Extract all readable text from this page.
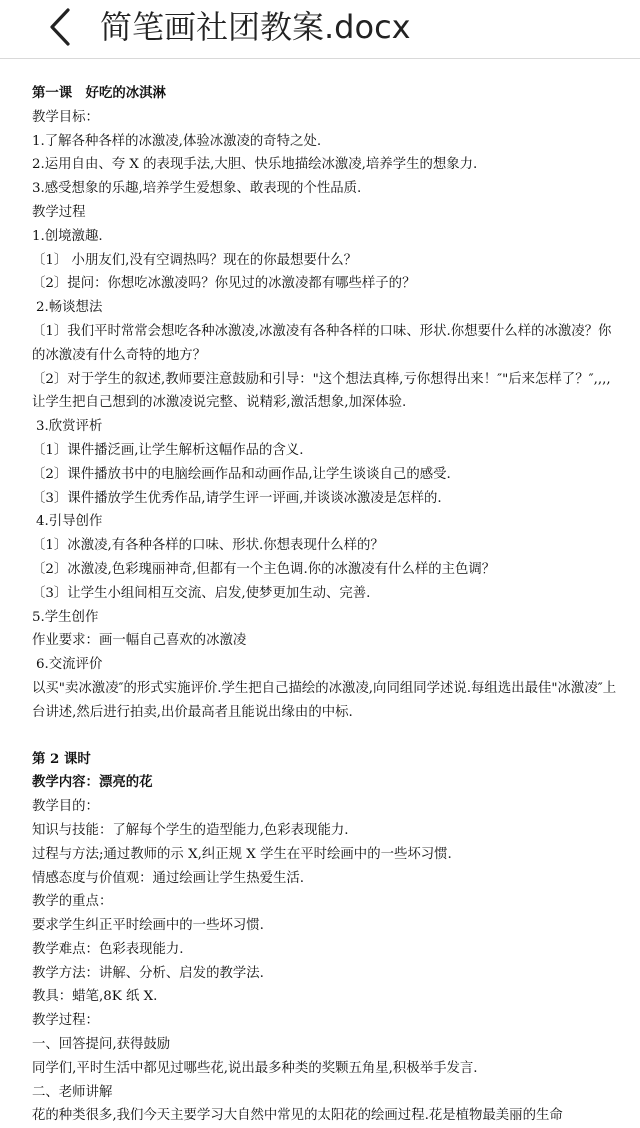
简笔画社团教案.docx
第一课　好吃的冰淇淋
教学目标：
1.了解各种各样的冰激凌,体验冰激凌的奇特之处.
2.运用自由、夸 X 的表现手法,大胆、快乐地描绘冰激凌,培养学生的想象力.
3.感受想象的乐趣,培养学生爱想象、敢表现的个性品质.
教学过程
1.创境激趣.
〔1〕 小朋友们,没有空调热吗？现在的你最想要什么？
〔2〕提问：你想吃冰激凌吗？你见过的冰激凌都有哪些样子的？
2.畅谈想法
〔1〕我们平时常常会想吃各种冰激凌,冰激凌有各种各样的口味、形状.你想要什么样的冰激凌？你的冰激凌有什么奇特的地方？
〔2〕对于学生的叙述,教师要注意鼓励和引导："这个想法真棒,亏你想得出来！″"后来怎样了？″,,,,让学生把自己想到的冰激凌说完整、说精彩,激活想象,加深体验.
3.欣赏评析
〔1〕课件播泛画,让学生解析这幅作品的含义.
〔2〕课件播放书中的电脑绘画作品和动画作品,让学生谈谈自己的感受.
〔3〕课件播放学生优秀作品,请学生评一评画,并谈谈冰激凌是怎样的.
4.引导创作
〔1〕冰激凌,有各种各样的口味、形状.你想表现什么样的？
〔2〕冰激凌,色彩瑰丽神奇,但都有一个主色调.你的冰激凌有什么样的主色调？
〔3〕让学生小组间相互交流、启发,使梦更加生动、完善.
5.学生创作
作业要求：画一幅自己喜欢的冰激凌
6.交流评价
以买"卖冰激凌″的形式实施评价.学生把自己描绘的冰激凌,向同组同学述说.每组选出最佳"冰激凌″上台讲述,然后进行拍卖,出价最高者且能说出缘由的中标.
第 2 课时
教学内容：漂亮的花
教学目的：
知识与技能：了解每个学生的造型能力,色彩表现能力.
过程与方法;通过教师的示 X,纠正规 X 学生在平时绘画中的一些坏习惯.
情感态度与价值观：通过绘画让学生热爱生活.
教学的重点：
要求学生纠正平时绘画中的一些坏习惯.
教学难点：色彩表现能力.
教学方法：讲解、分析、启发的教学法.
教具：蜡笔,8K 纸 X.
教学过程：
一、回答提问,获得鼓励
同学们,平时生活中都见过哪些花,说出最多种类的奖颗五角星,积极举手发言.
二、老师讲解
花的种类很多,我们今天主要学习大自然中常见的太阳花的绘画过程.花是植物最美丽的生命
